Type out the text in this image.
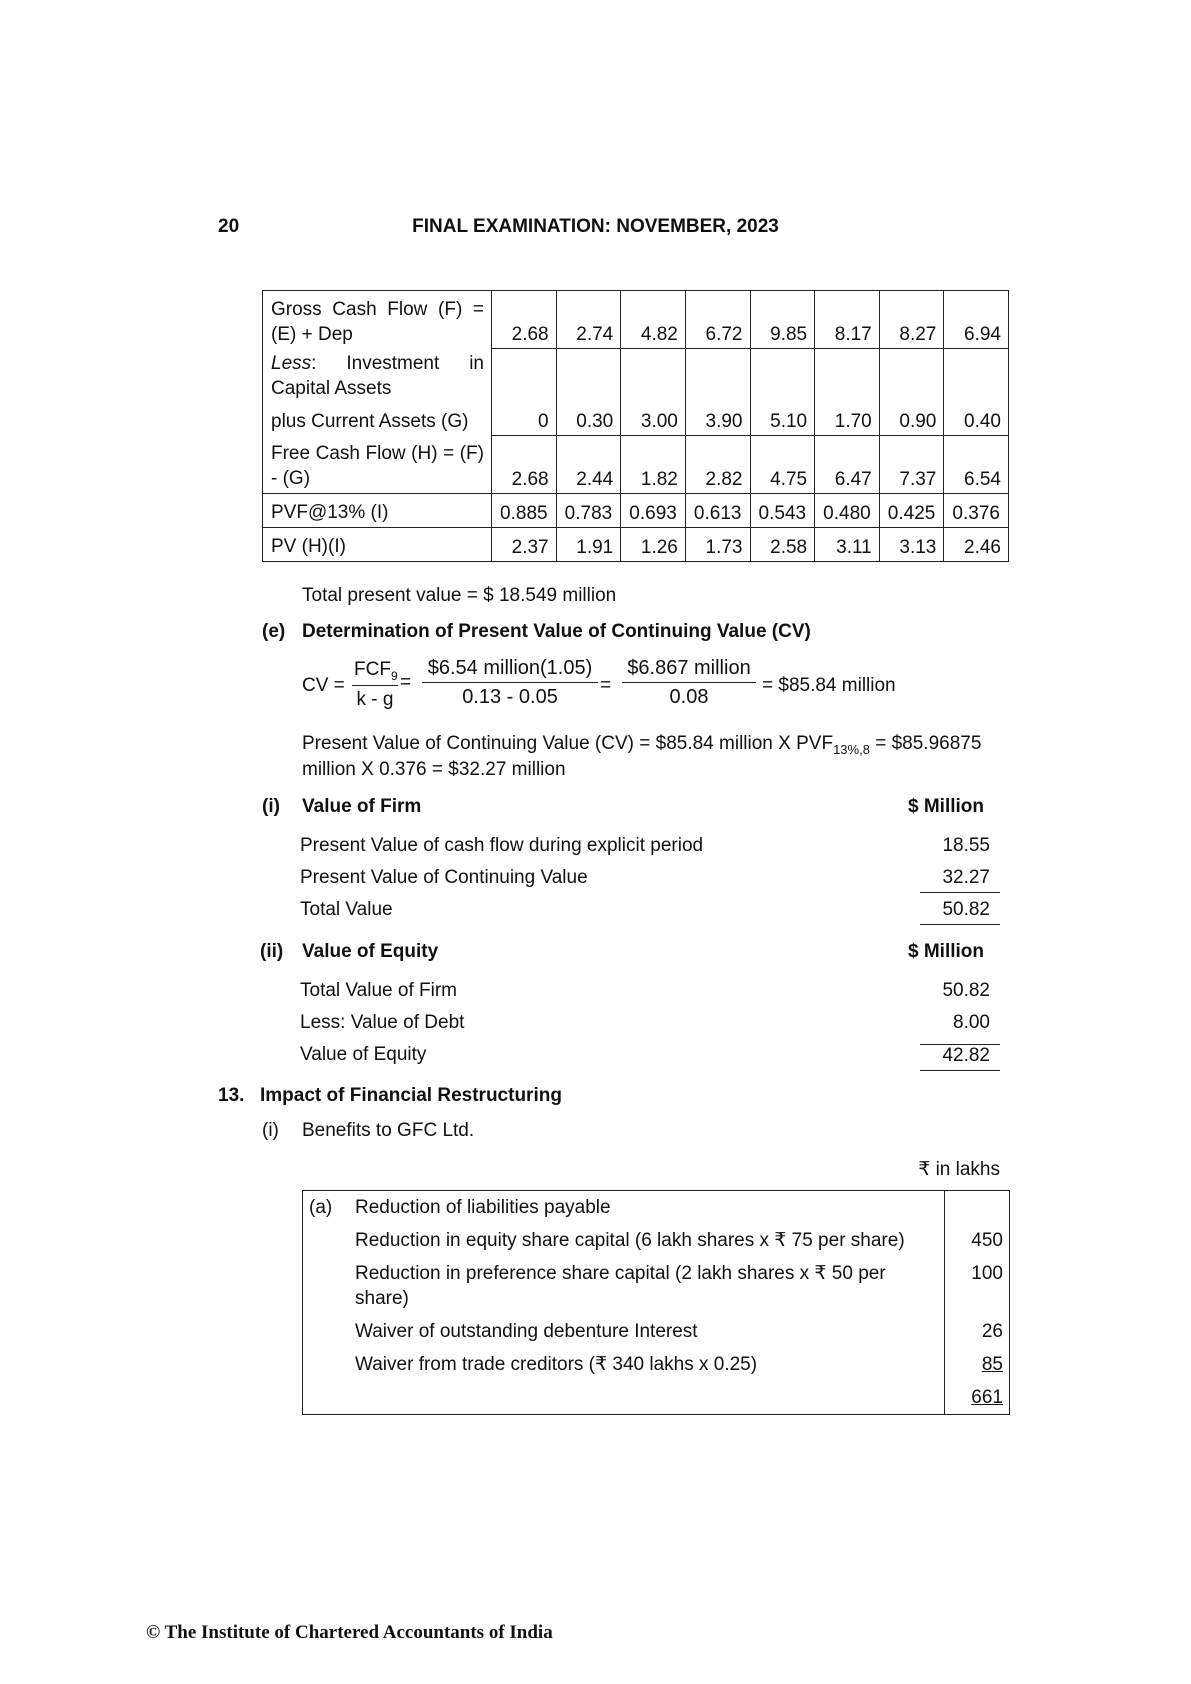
20	FINAL EXAMINATION: NOVEMBER, 2023
Gross Cash Flow (F) = (E) + Dep	2.68	2.74	4.82	6.72	9.85	8.17	8.27	6.94
Less: Investment in Capital Assets								
plus Current Assets (G)	0	0.30	3.00	3.90	5.10	1.70	0.90	0.40
Free Cash Flow (H) = (F) - (G)	2.68	2.44	1.82	2.82	4.75	6.47	7.37	6.54
PVF@13% (I)	0.885	0.783	0.693	0.613	0.543	0.480	0.425	0.376
PV (H)(I)	2.37	1.91	1.26	1.73	2.58	3.11	3.13	2.46
Total present value = $ 18.549 million
(e) Determination of Present Value of Continuing Value (CV)
CV =
$FCF_9$
k - g
=
$6.54 million(1.05)
0.13 - 0.05
=
$6.867 million
0.08
= $85.84 million
Present Value of Continuing Value (CV) = $85.84 million X $PVF_{13\%,8}$ = $85.96875
million X 0.376 = $32.27 million
(i) Value of Firm	$ Million
Present Value of cash flow during explicit period	18.55
Present Value of Continuing Value	32.27
Total Value	50.82
(ii) Value of Equity	$ Million
Total Value of Firm	50.82
Less: Value of Debt	8.00
Value of Equity	42.82
13. Impact of Financial Restructuring
(i) Benefits to GFC Ltd.
₹ in lakhs
(a)	Reduction of liabilities payable	
	Reduction in equity share capital (6 lakh shares x ₹ 75 per share)	450
	Reduction in preference share capital (2 lakh shares x ₹ 50 per share)	100
	Waiver of outstanding debenture Interest	26
	Waiver from trade creditors (₹ 340 lakhs x 0.25)	85
		661
© The Institute of Chartered Accountants of India
